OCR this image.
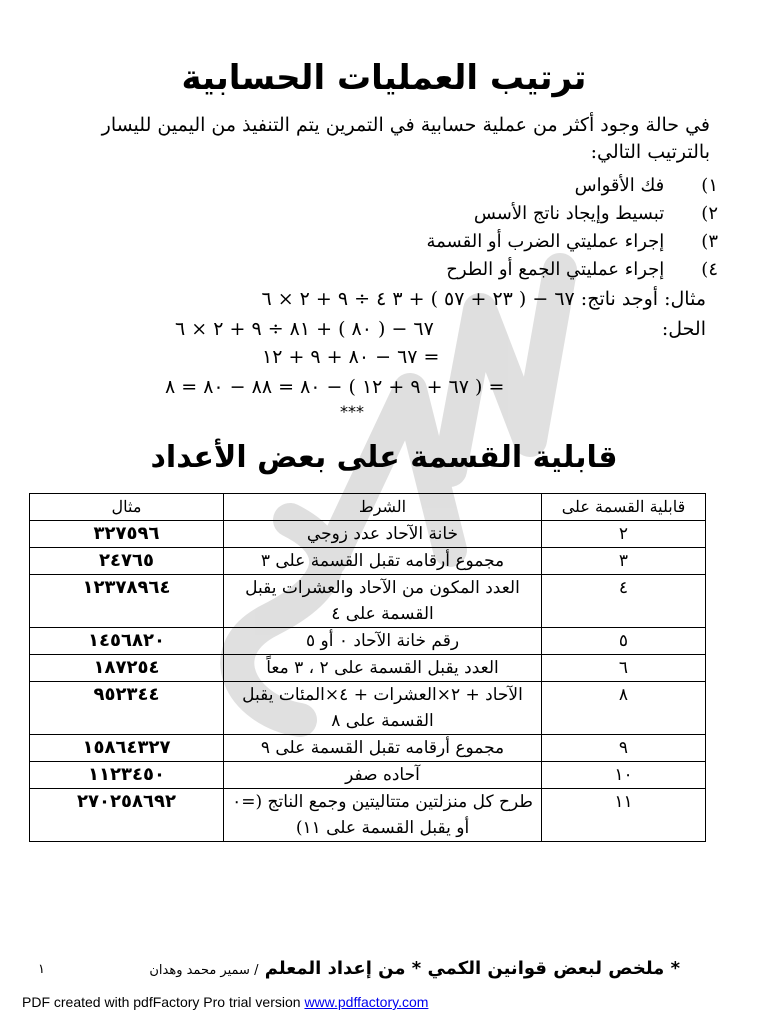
SAW
ترتيب العمليات الحسابية
في حالة وجود أكثر من عملية حسابية في التمرين يتم التنفيذ من اليمين لليسار بالترتيب التالي:
١) فك الأقواس
٢) تبسيط وإيجاد ناتج الأسس
٣) إجراء عمليتي الضرب أو القسمة
٤) إجراء عمليتي الجمع أو الطرح
مثال: أوجد ناتج: ٦٧ − ( ٢٣ + ٥٧ ) + ٣ ٤ ÷ ٩ + ٢ × ٦
الحل:
٦٧ − ( ٨٠ ) + ٨١ ÷ ٩ + ٢ × ٦
= ٦٧ − ٨٠ + ٩ + ١٢
= ( ٦٧ + ٩ + ١٢ ) − ٨٠ = ٨٨ − ٨٠ = ٨
***
قابلية القسمة على بعض الأعداد
قابلية القسمة على	الشرط	مثال
٢	خانة الآحاد عدد زوجي	٣٢٧٥٩٦
٣	مجموع أرقامه تقبل القسمة على ٣	٢٤٧٦٥
٤	العدد المكون من الآحاد والعشرات يقبل القسمة على ٤	١٢٣٧٨٩٦٤
٥	رقم خانة الآحاد ٠ أو ٥	١٤٥٦٨٢٠
٦	العدد يقبل القسمة على ٢ ، ٣ معاً	١٨٧٢٥٤
٨	الآحاد + ٢×العشرات + ٤×المئات يقبل القسمة على ٨	٩٥٢٣٤٤
٩	مجموع أرقامه تقبل القسمة على ٩	١٥٨٦٤٣٢٧
١٠	آحاده صفر	١١٢٣٤٥٠
١١	طرح كل منزلتين متتاليتين وجمع الناتج (=٠ أو يقبل القسمة على ١١)	٢٧٠٢٥٨٦٩٢
* ملخص لبعض قوانين الكمي * من إعداد المعلم / سمير محمد وهدان
١
PDF created with pdfFactory Pro trial version www.pdffactory.com
